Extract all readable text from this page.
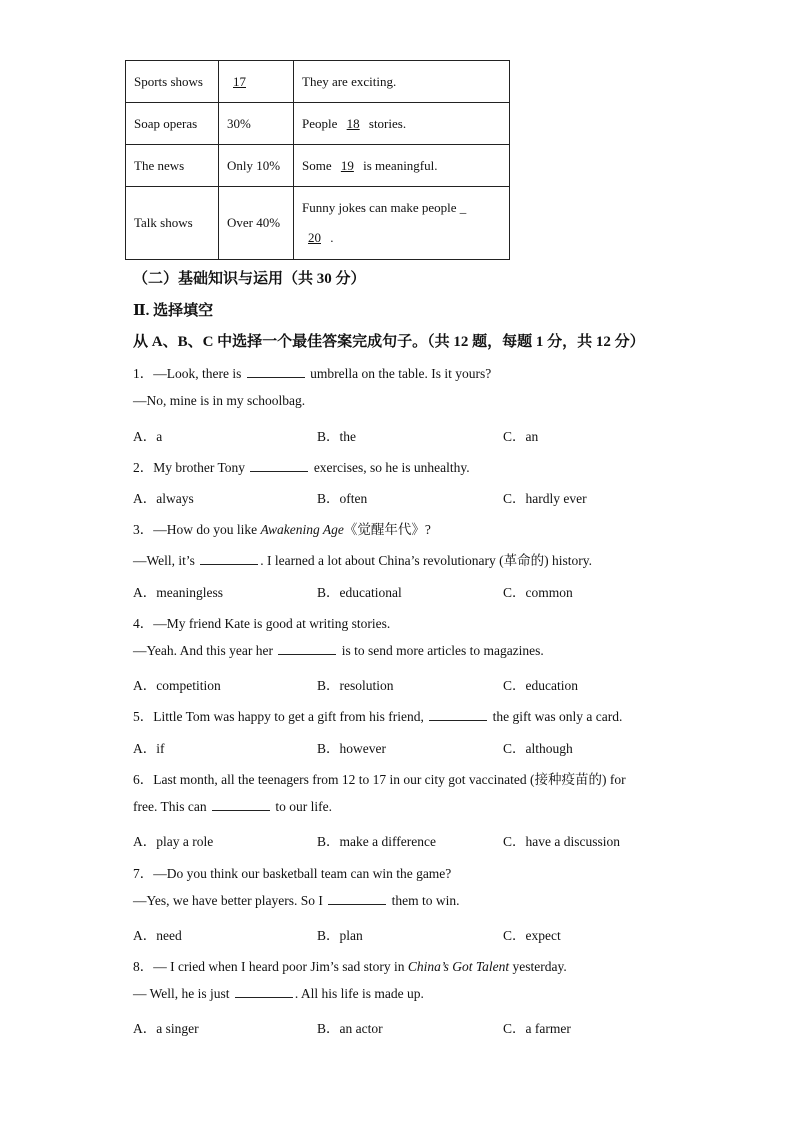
Sports shows	17	They are exciting.
Soap operas	30%	People 18 stories.
The news	Only 10%	Some 19 is meaningful.
Talk shows	Over 40%	Funny jokes can make people _
20 .
（二）基础知识与运用（共 30 分）
Ⅱ. 选择填空
从 A、B、C 中选择一个最佳答案完成句子。（共 12 题，每题 1 分，共 12 分）
1．—Look, there is	umbrella on the table. Is it yours?
—No, mine is in my schoolbag.
A．a	B．the	C．an
2．My brother Tony	exercises, so he is unhealthy.
A．always	B．often	C．hardly ever
3．—How do you like Awakening Age《觉醒年代》?
—Well, it’s	. I learned a lot about China’s revolutionary (革命的) history.
A．meaningless	B．educational	C．common
4．—My friend Kate is good at writing stories.
—Yeah. And this year her	is to send more articles to magazines.
A．competition	B．resolution	C．education
5．Little Tom was happy to get a gift from his friend,	the gift was only a card.
A．if	B．however	C．although
6．Last month, all the teenagers from 12 to 17 in our city got vaccinated (接种疫苗的) for
free. This can	to our life.
A．play a role	B．make a difference	C．have a discussion
7．—Do you think our basketball team can win the game?
—Yes, we have better players. So I	them to win.
A．need	B．plan	C．expect
8．— I cried when I heard poor Jim’s sad story in China’s Got Talent yesterday.
— Well, he is just	. All his life is made up.
A．a singer	B．an actor	C．a farmer
